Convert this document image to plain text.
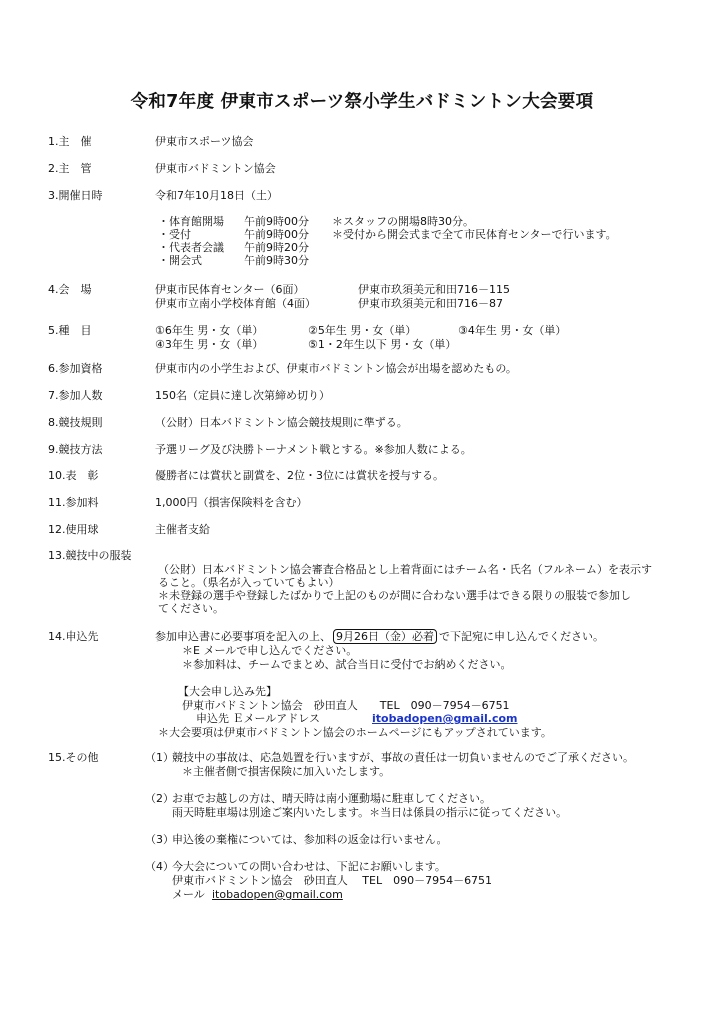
令和7年度 伊東市スポーツ祭小学生バドミントン大会要項
1.主　催	伊東市スポーツ協会
2.主　管	伊東市バドミントン協会
3.開催日時	令和7年10月18日（土）
・体育館開場 午前9時00分 ＊スタッフの開場8時30分。
・受付	午前9時00分 ＊受付から開会式まで全て市民体育センターで行います。
・代表者会議 午前9時20分
・開会式	午前9時30分
4.会　場	伊東市民体育センター（6面）	伊東市玖須美元和田716－115
伊東市立南小学校体育館（4面）	伊東市玖須美元和田716－87
5.種　目	①6年生 男・女（単）	②5年生 男・女（単）	③4年生 男・女（単）
④3年生 男・女（単）	⑤1・2年生以下 男・女（単）
6.参加資格	伊東市内の小学生および、伊東市バドミントン協会が出場を認めたもの。
7.参加人数	150名（定員に達し次第締め切り）
8.競技規則	（公財）日本バドミントン協会競技規則に準ずる。
9.競技方法	予選リーグ及び決勝トーナメント戦とする。※参加人数による。
10.表　彰	優勝者には賞状と副賞を、2位・3位には賞状を授与する。
11.参加料	1,000円（損害保険料を含む）
12.使用球	主催者支給
13.競技中の服装
（公財）日本バドミントン協会審査合格品とし上着背面にはチーム名・氏名（フルネーム）を表示す
ること。（県名が入っていてもよい）
＊未登録の選手や登録したばかりで上記のものが間に合わない選手はできる限りの服装で参加し
てください。
14.申込先	参加申込書に必要事項を記入の上、 9月26日（金）必着 で下記宛に申し込んでください。
＊E メールで申し込んでください。
＊参加料は、チームでまとめ、試合当日に受付でお納めください。
【大会申し込み先】
伊東市バドミントン協会　砂田直人　　TEL　090－7954－6751
申込先 Ｅメールアドレス	itobadopen@gmail.com
＊大会要項は伊東市バドミントン協会のホームページにもアップされています。
15.その他	（1）
競技中の事故は、応急処置を行いますが、事故の責任は一切負いませんのでご了承ください。
＊主催者側で損害保険に加入いたします。
（2）
お車でお越しの方は、晴天時は南小運動場に駐車してください。
雨天時駐車場は別途ご案内いたします。＊当日は係員の指示に従ってください。
（3）
申込後の棄権については、参加料の返金は行いません。
（4）
今大会についての問い合わせは、下記にお願いします。
伊東市バドミントン協会　砂田直人　 TEL　090－7954－6751
メール itobadopen@gmail.com
